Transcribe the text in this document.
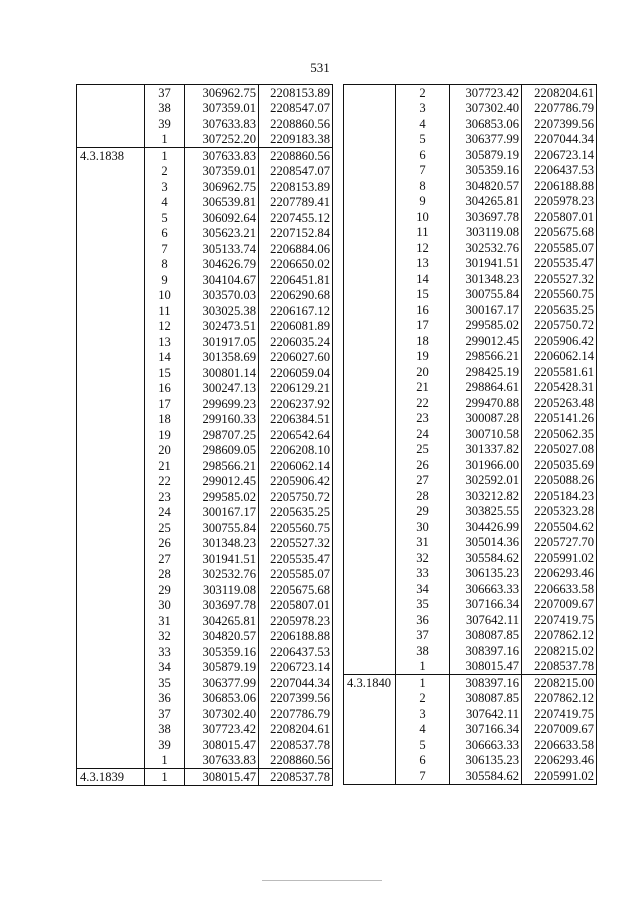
531
	37	306962.75	2208153.89
	38	307359.01	2208547.07
	39	307633.83	2208860.56
	1	307252.20	2209183.38
4.3.1838	1	307633.83	2208860.56
	2	307359.01	2208547.07
	3	306962.75	2208153.89
	4	306539.81	2207789.41
	5	306092.64	2207455.12
	6	305623.21	2207152.84
	7	305133.74	2206884.06
	8	304626.79	2206650.02
	9	304104.67	2206451.81
	10	303570.03	2206290.68
	11	303025.38	2206167.12
	12	302473.51	2206081.89
	13	301917.05	2206035.24
	14	301358.69	2206027.60
	15	300801.14	2206059.04
	16	300247.13	2206129.21
	17	299699.23	2206237.92
	18	299160.33	2206384.51
	19	298707.25	2206542.64
	20	298609.05	2206208.10
	21	298566.21	2206062.14
	22	299012.45	2205906.42
	23	299585.02	2205750.72
	24	300167.17	2205635.25
	25	300755.84	2205560.75
	26	301348.23	2205527.32
	27	301941.51	2205535.47
	28	302532.76	2205585.07
	29	303119.08	2205675.68
	30	303697.78	2205807.01
	31	304265.81	2205978.23
	32	304820.57	2206188.88
	33	305359.16	2206437.53
	34	305879.19	2206723.14
	35	306377.99	2207044.34
	36	306853.06	2207399.56
	37	307302.40	2207786.79
	38	307723.42	2208204.61
	39	308015.47	2208537.78
	1	307633.83	2208860.56
4.3.1839	1	308015.47	2208537.78
	2	307723.42	2208204.61
	3	307302.40	2207786.79
	4	306853.06	2207399.56
	5	306377.99	2207044.34
	6	305879.19	2206723.14
	7	305359.16	2206437.53
	8	304820.57	2206188.88
	9	304265.81	2205978.23
	10	303697.78	2205807.01
	11	303119.08	2205675.68
	12	302532.76	2205585.07
	13	301941.51	2205535.47
	14	301348.23	2205527.32
	15	300755.84	2205560.75
	16	300167.17	2205635.25
	17	299585.02	2205750.72
	18	299012.45	2205906.42
	19	298566.21	2206062.14
	20	298425.19	2205581.61
	21	298864.61	2205428.31
	22	299470.88	2205263.48
	23	300087.28	2205141.26
	24	300710.58	2205062.35
	25	301337.82	2205027.08
	26	301966.00	2205035.69
	27	302592.01	2205088.26
	28	303212.82	2205184.23
	29	303825.55	2205323.28
	30	304426.99	2205504.62
	31	305014.36	2205727.70
	32	305584.62	2205991.02
	33	306135.23	2206293.46
	34	306663.33	2206633.58
	35	307166.34	2207009.67
	36	307642.11	2207419.75
	37	308087.85	2207862.12
	38	308397.16	2208215.02
	1	308015.47	2208537.78
4.3.1840	1	308397.16	2208215.00
	2	308087.85	2207862.12
	3	307642.11	2207419.75
	4	307166.34	2207009.67
	5	306663.33	2206633.58
	6	306135.23	2206293.46
	7	305584.62	2205991.02
